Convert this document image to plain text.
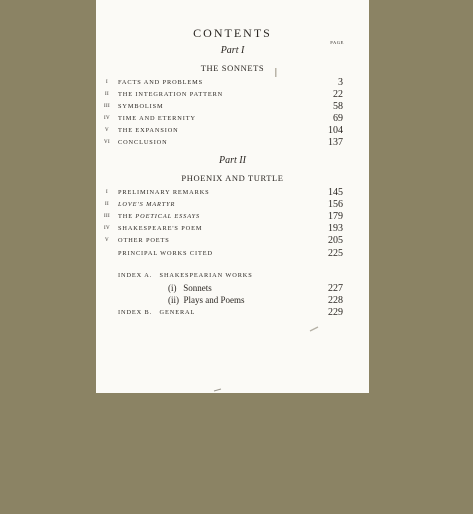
CONTENTS
PAGE
Part I
THE SONNETS
I	FACTS AND PROBLEMS	3
II	THE INTEGRATION PATTERN	22
III	SYMBOLISM	58
IV	TIME AND ETERNITY	69
V	THE EXPANSION	104
VI	CONCLUSION	137
Part II
PHOENIX AND TURTLE
I	PRELIMINARY REMARKS	145
II	LOVE'S MARTYR	156
III	THE POETICAL ESSAYS	179
IV	SHAKESPEARE'S POEM	193
V	OTHER POETS	205
PRINCIPAL WORKS CITED	225
INDEX A.   SHAKESPEARIAN WORKS
(i)   Sonnets	227
(ii)  Plays and Poems	228
INDEX B.   GENERAL	229
